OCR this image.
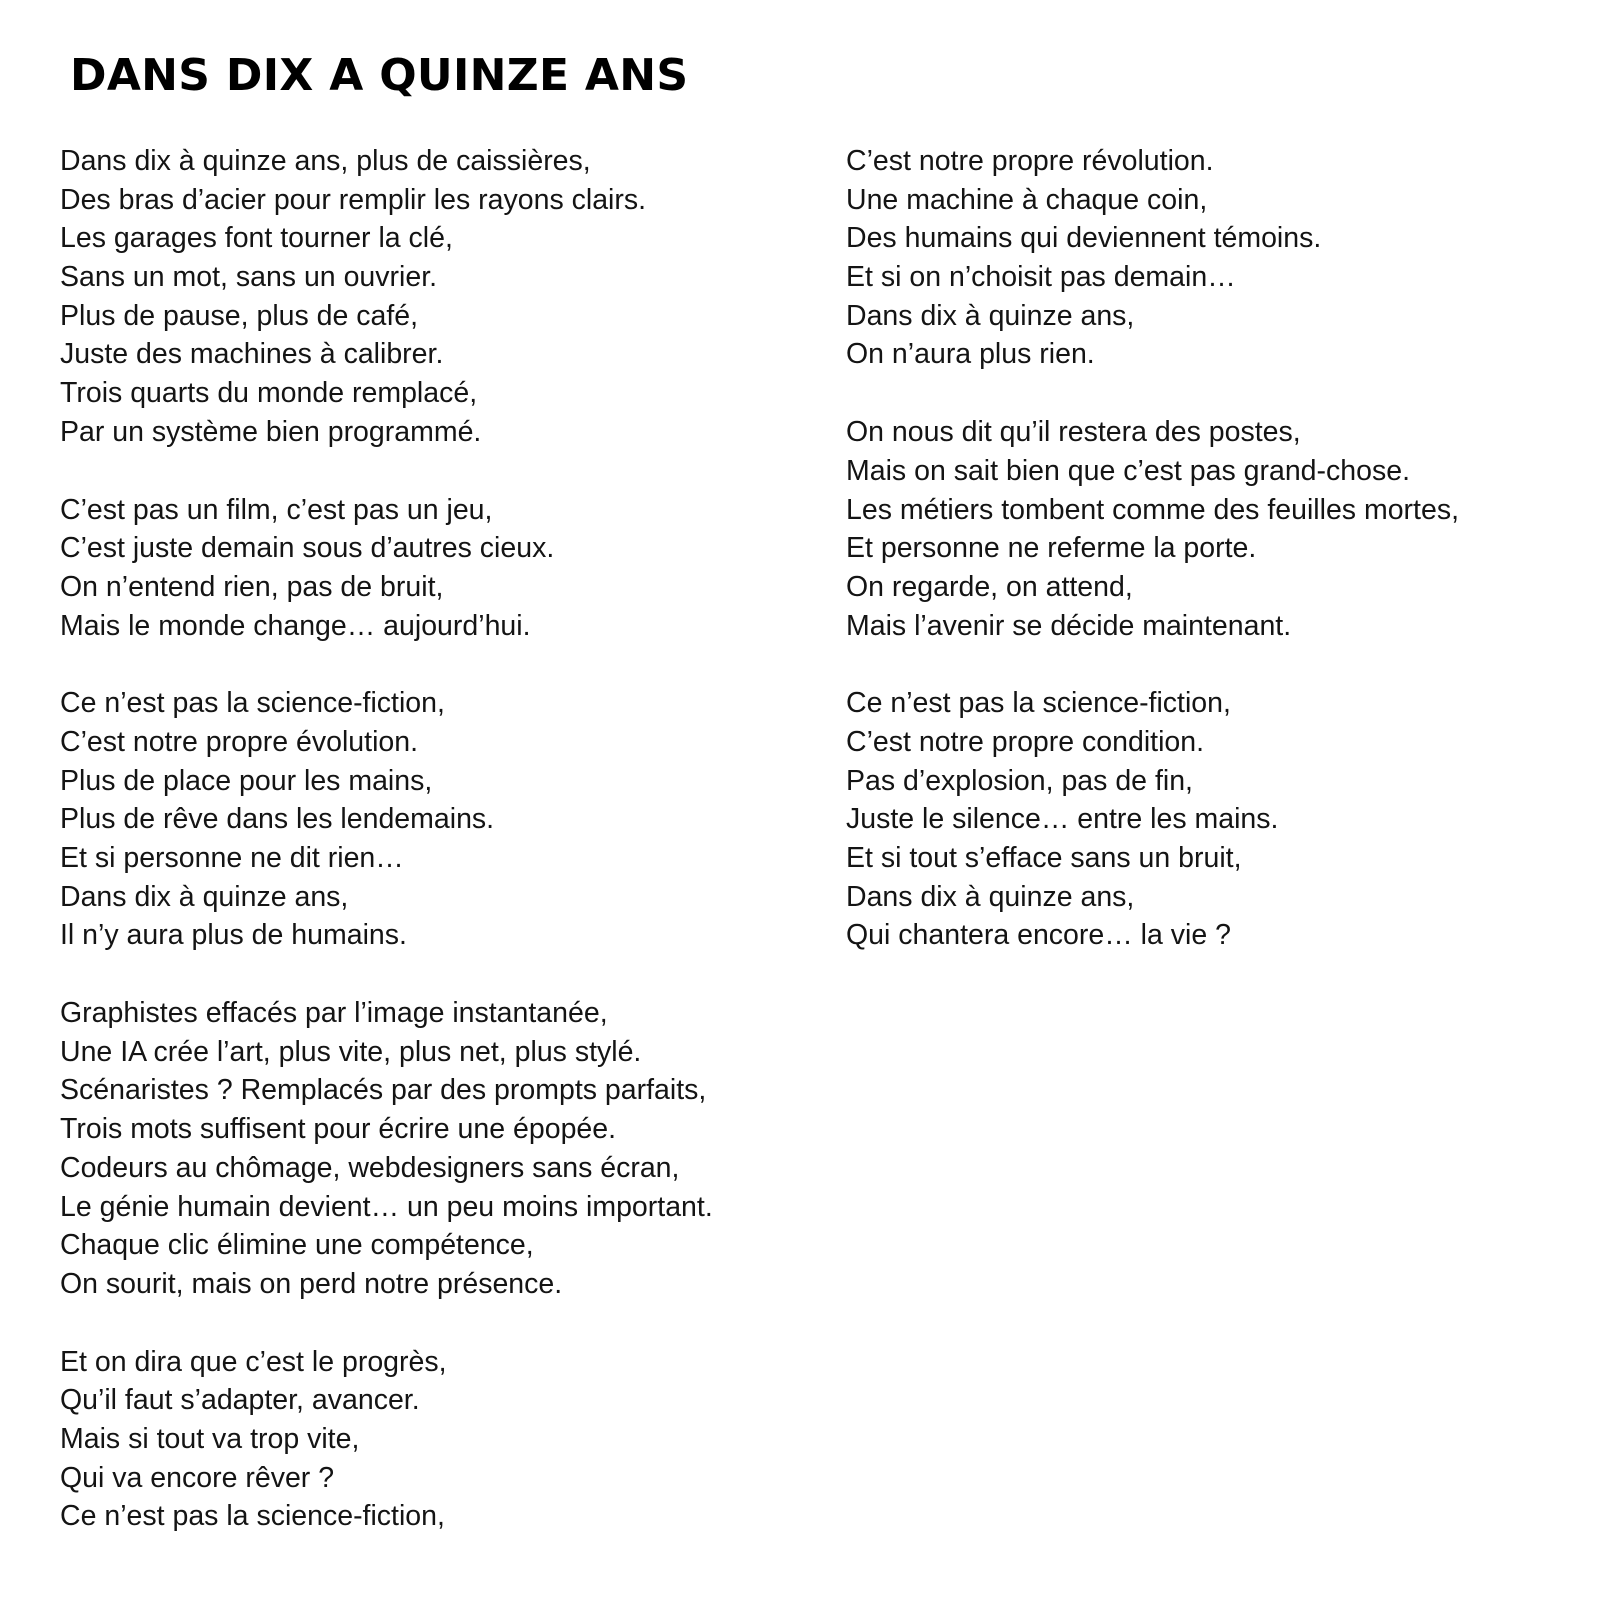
DANS DIX A QUINZE ANS
Dans dix à quinze ans, plus de caissières,
Des bras d’acier pour remplir les rayons clairs.
Les garages font tourner la clé,
Sans un mot, sans un ouvrier.
Plus de pause, plus de café,
Juste des machines à calibrer.
Trois quarts du monde remplacé,
Par un système bien programmé.
C’est pas un film, c’est pas un jeu,
C’est juste demain sous d’autres cieux.
On n’entend rien, pas de bruit,
Mais le monde change… aujourd’hui.
Ce n’est pas la science-fiction,
C’est notre propre évolution.
Plus de place pour les mains,
Plus de rêve dans les lendemains.
Et si personne ne dit rien…
Dans dix à quinze ans,
Il n’y aura plus de humains.
Graphistes effacés par l’image instantanée,
Une IA crée l’art, plus vite, plus net, plus stylé.
Scénaristes ? Remplacés par des prompts parfaits,
Trois mots suffisent pour écrire une épopée.
Codeurs au chômage, webdesigners sans écran,
Le génie humain devient… un peu moins important.
Chaque clic élimine une compétence,
On sourit, mais on perd notre présence.
Et on dira que c’est le progrès,
Qu’il faut s’adapter, avancer.
Mais si tout va trop vite,
Qui va encore rêver ?
Ce n’est pas la science-fiction,
C’est notre propre révolution.
Une machine à chaque coin,
Des humains qui deviennent témoins.
Et si on n’choisit pas demain…
Dans dix à quinze ans,
On n’aura plus rien.
On nous dit qu’il restera des postes,
Mais on sait bien que c’est pas grand-chose.
Les métiers tombent comme des feuilles mortes,
Et personne ne referme la porte.
On regarde, on attend,
Mais l’avenir se décide maintenant.
Ce n’est pas la science-fiction,
C’est notre propre condition.
Pas d’explosion, pas de fin,
Juste le silence… entre les mains.
Et si tout s’efface sans un bruit,
Dans dix à quinze ans,
Qui chantera encore… la vie ?
